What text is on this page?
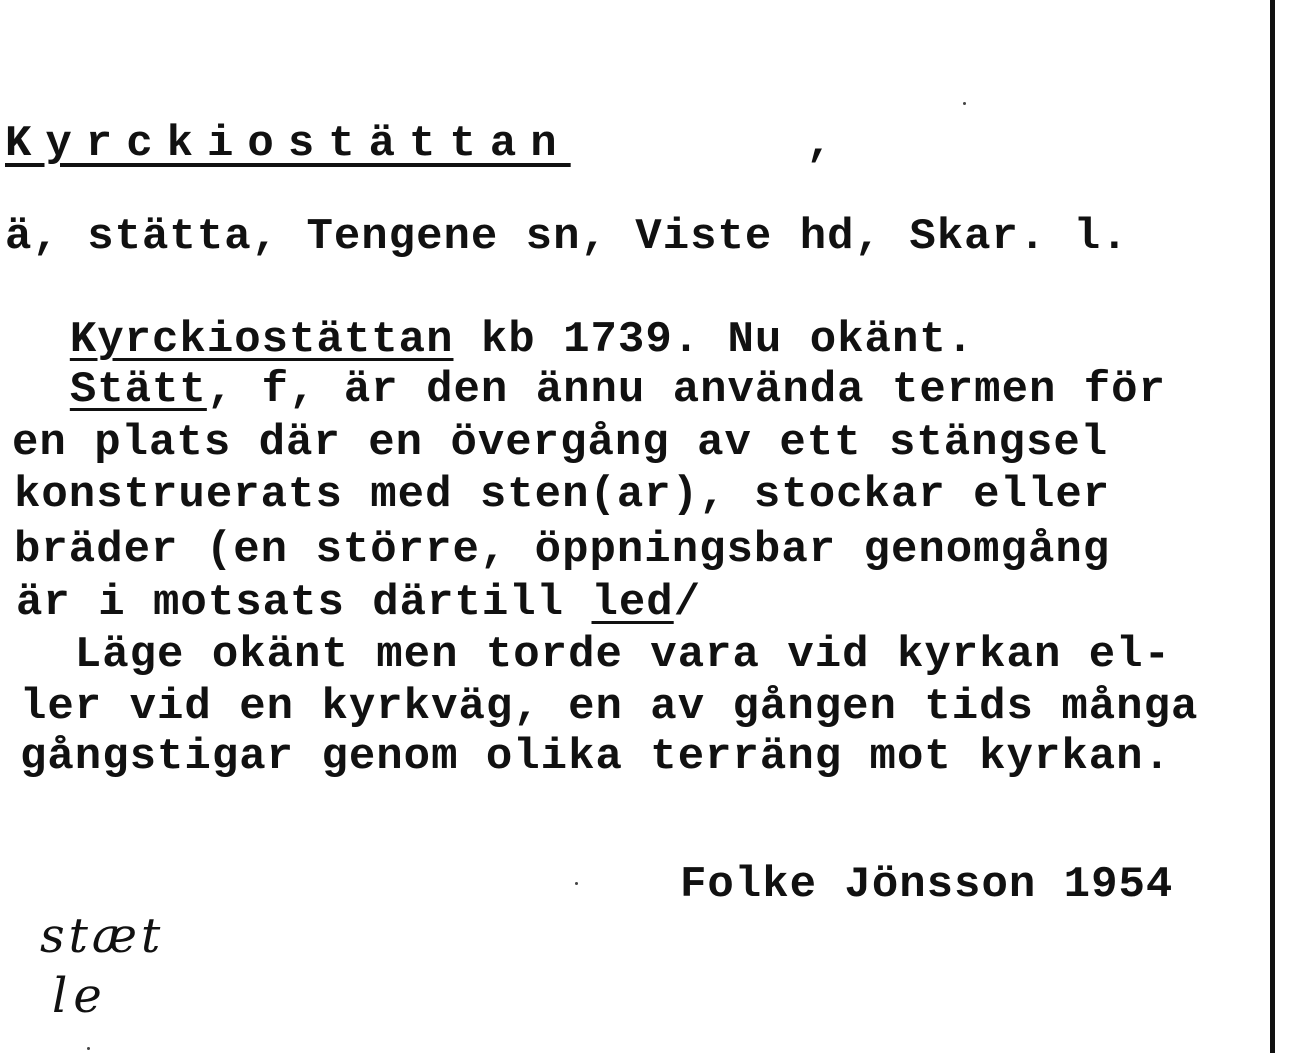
Kyrckiostättan	,
ä, stätta, Tengene sn, Viste hd, Skar. l.
Kyrckiostättan kb 1739. Nu okänt.
Stätt, f, är den ännu använda termen för
en plats där en övergång av ett stängsel
konstruerats med sten(ar), stockar eller
bräder (en större, öppningsbar genomgång
är i motsats därtill led/
Läge okänt men torde vara vid kyrkan el-
ler vid en kyrkväg, en av gången tids många
gångstigar genom olika terräng mot kyrkan.
Folke Jönsson 1954
stæt
le
